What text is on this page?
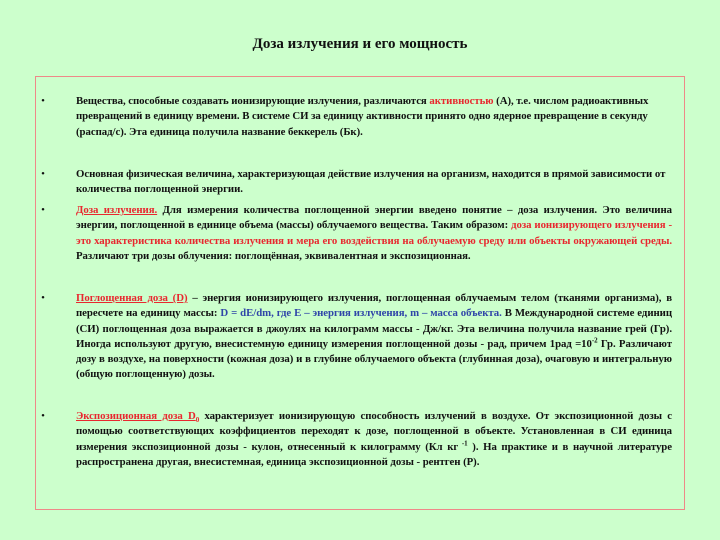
Доза излучения и его мощность
•	Вещества, способные создавать ионизирующие излучения, различаются активностью (А), т.е. числом радиоактивных превращений в единицу времени. В системе СИ за единицу активности принято одно ядерное превращение в секунду (распад/с). Эта единица получила название беккерель (Бк).
•	Основная физическая величина, характеризующая действие излучения на организм, находится в прямой зависимости от количества поглощенной энергии.
•	Доза излучения. Для измерения количества поглощенной энергии введено понятие – доза излучения. Это величина энергии, поглощенной в единице объема (массы) облучаемого вещества. Таким образом: доза ионизирующего излучения - это характеристика количества излучения и мера его воздействия на облучаемую среду или объекты окружающей среды. Различают три дозы облучения: поглощённая, эквивалентная и экспозиционная.
•	Поглощенная доза (D) – энергия ионизирующего излучения, поглощенная облучаемым телом (тканями организма), в пересчете на единицу массы: D = dE/dm, где E – энергия излучения, m – масса объекта. В Международной системе единиц (СИ) поглощенная доза выражается в джоулях на килограмм массы - Дж/кг. Эта величина получила название грей (Гр). Иногда используют другую, внесистемную единицу измерения поглощенной дозы - рад, причем $1рад =10^{-2}$ Гр. Различают дозу в воздухе, на поверхности (кожная доза) и в глубине облучаемого объекта (глубинная доза), очаговую и интегральную (общую поглощенную) дозы.
•	Экспозиционная доза $D_0$ характеризует ионизирующую способность излучений в воздухе. От экспозиционной дозы с помощью соответствующих коэффициентов переходят к дозе, поглощенной в объекте. Установленная в СИ единица измерения экспозиционной дозы - кулон, отнесенный к килограмму (Кл кг $^{-1}$ ). На практике и в научной литературе распространена другая, внесистемная, единица экспозиционной дозы - рентген (Р).
